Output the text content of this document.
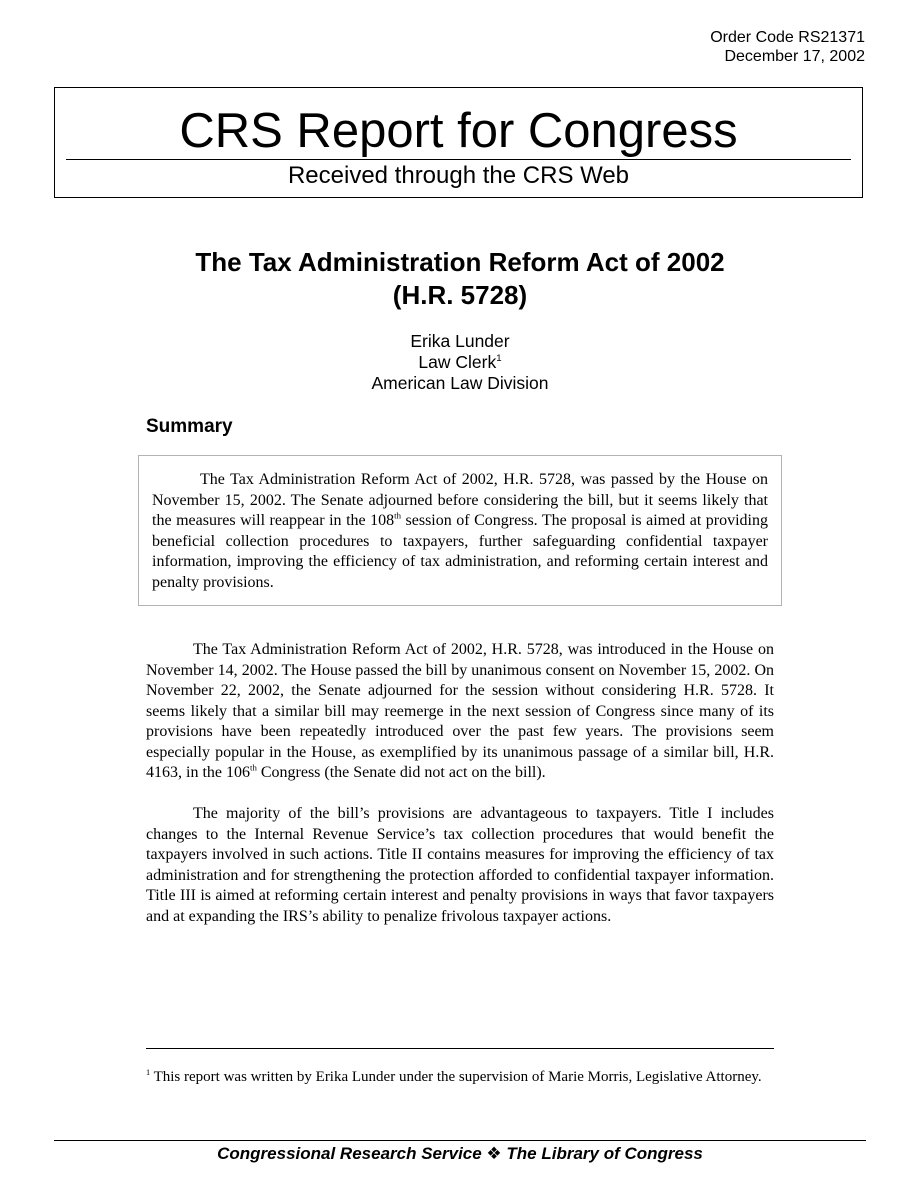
Order Code RS21371
December 17, 2002
CRS Report for Congress
Received through the CRS Web
The Tax Administration Reform Act of 2002
(H.R. 5728)
Erika Lunder
Law Clerk$^1$
American Law Division
Summary

The Tax Administration Reform Act of 2002, H.R. 5728, was passed by the House on November 15, 2002. The Senate adjourned before considering the bill, but it seems likely that the measures will reappear in the 108th session of Congress. The proposal is aimed at providing beneficial collection procedures to taxpayers, further safeguarding confidential taxpayer information, improving the efficiency of tax administration, and reforming certain interest and penalty provisions.

The Tax Administration Reform Act of 2002, H.R. 5728, was introduced in the House on November 14, 2002. The House passed the bill by unanimous consent on November 15, 2002. On November 22, 2002, the Senate adjourned for the session without considering H.R. 5728. It seems likely that a similar bill may reemerge in the next session of Congress since many of its provisions have been repeatedly introduced over the past few years. The provisions seem especially popular in the House, as exemplified by its unanimous passage of a similar bill, H.R. 4163, in the 106th Congress (the Senate did not act on the bill).

The majority of the bill’s provisions are advantageous to taxpayers. Title I includes changes to the Internal Revenue Service’s tax collection procedures that would benefit the taxpayers involved in such actions. Title II contains measures for improving the efficiency of tax administration and for strengthening the protection afforded to confidential taxpayer information. Title III is aimed at reforming certain interest and penalty provisions in ways that favor taxpayers and at expanding the IRS’s ability to penalize frivolous taxpayer actions.

$^1$ This report was written by Erika Lunder under the supervision of Marie Morris, Legislative Attorney.

Congressional Research Service ❖ The Library of Congress
